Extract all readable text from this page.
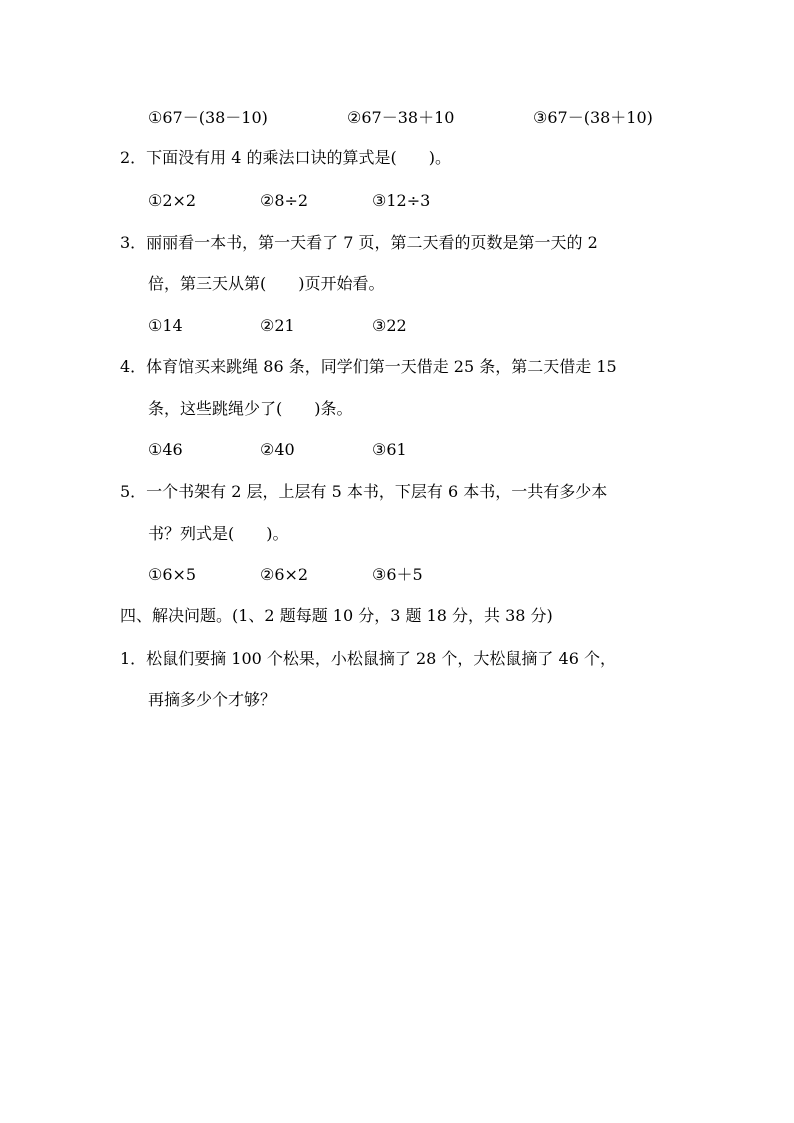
①67－(38－10)	②67－38＋10	③67－(38＋10)
2．下面没有用 4 的乘法口诀的算式是(　　)。
①2×2	②8÷2	③12÷3
3．丽丽看一本书，第一天看了 7 页，第二天看的页数是第一天的 2
倍，第三天从第(　　)页开始看。
①14	②21	③22
4．体育馆买来跳绳 86 条，同学们第一天借走 25 条，第二天借走 15
条，这些跳绳少了(　　)条。
①46	②40	③61
5．一个书架有 2 层，上层有 5 本书，下层有 6 本书，一共有多少本
书？列式是(　　)。
①6×5	②6×2	③6＋5
四、解决问题。(1、2 题每题 10 分，3 题 18 分，共 38 分)
1．松鼠们要摘 100 个松果，小松鼠摘了 28 个，大松鼠摘了 46 个，
再摘多少个才够？
